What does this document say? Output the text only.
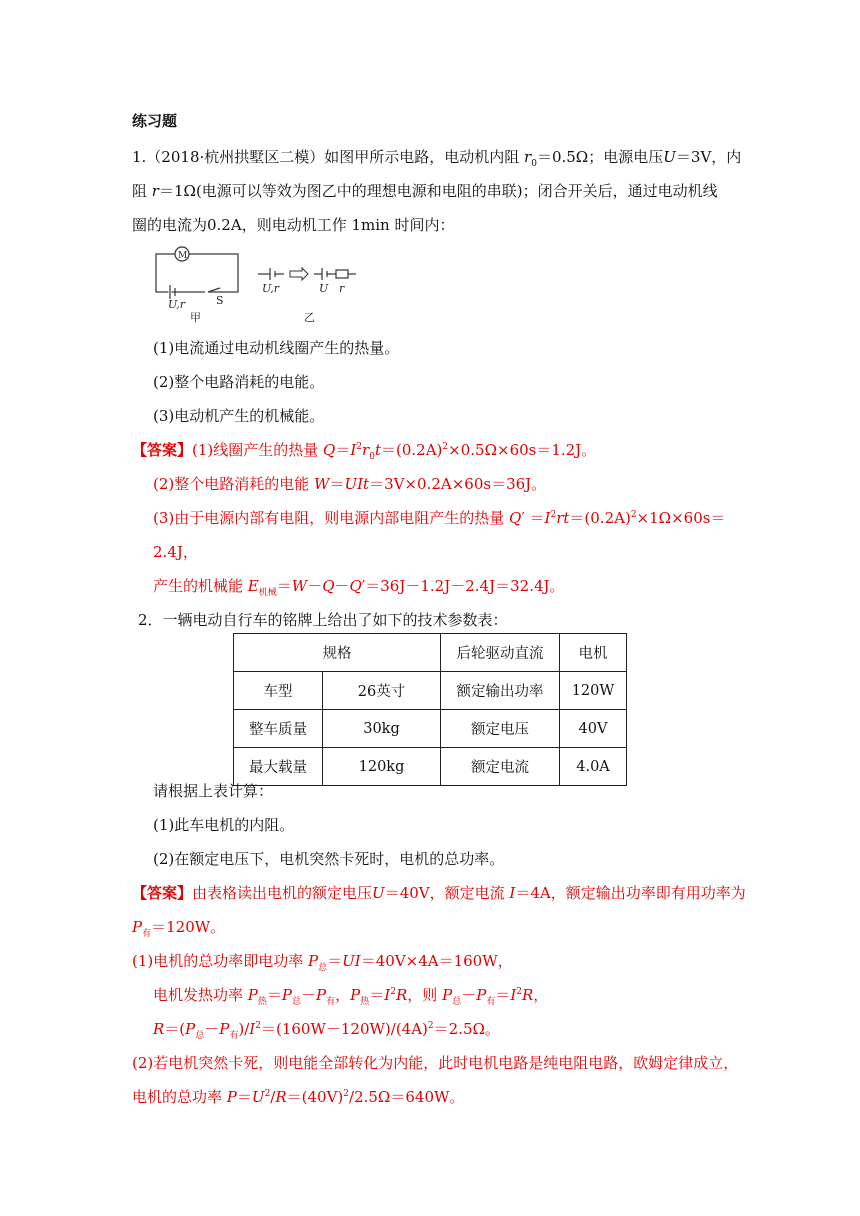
练习题
1.（2018·杭州拱墅区二模）如图甲所示电路，电动机内阻 $r_0=0.5\Omega$；电源电压U＝3V，内
阻 r＝1Ω(电源可以等效为图乙中的理想电源和电阻的串联)；闭合开关后，通过电动机线
圈的电流为0.2A，则电动机工作 1min 时间内：
M
U,r	S
甲
U,r	U r
乙
(1)电流通过电动机线圈产生的热量。
(2)整个电路消耗的电能。
(3)电动机产生的机械能。
【答案】(1)线圈产生的热量 $Q=I^2r_0t=(0.2A)^2\times 0.5\Omega\times 60s=1.2J$。
(2)整个电路消耗的电能 W＝UIt＝3V×0.2A×60s＝36J。
(3)由于电源内部有电阻，则电源内部电阻产生的热量 $Q' =I^2rt=(0.2A)^2\times 1\Omega\times 60s=$
2.4J，
产生的机械能 $E_{机械}=W-Q-Q'=36J-1.2J-2.4J=32.4J$。
2．一辆电动自行车的铭牌上给出了如下的技术参数表：
规格		后轮驱动直流	电机
车型	26英寸	额定输出功率	120W
整车质量	30kg	额定电压	40V
最大载量	120kg	额定电流	4.0A
请根据上表计算：
(1)此车电机的内阻。
(2)在额定电压下，电机突然卡死时，电机的总功率。
【答案】由表格读出电机的额定电压U＝40V，额定电流 I＝4A，额定输出功率即有用功率为
$P_有=120W$。
(1)电机的总功率即电功率 $P_总=UI=40V\times 4A=160W$，
电机发热功率 $P_热=P_总-P_有$，$P_热=I^2R$，则 $P_总-P_有=I^2R$，
$R=(P_总-P_有)/I^2=(160W-120W)/(4A)^2=2.5\Omega$。
(2)若电机突然卡死，则电能全部转化为内能，此时电机电路是纯电阻电路，欧姆定律成立，
电机的总功率 $P=U^2/R=(40V)^2/2.5\Omega=640W$。
